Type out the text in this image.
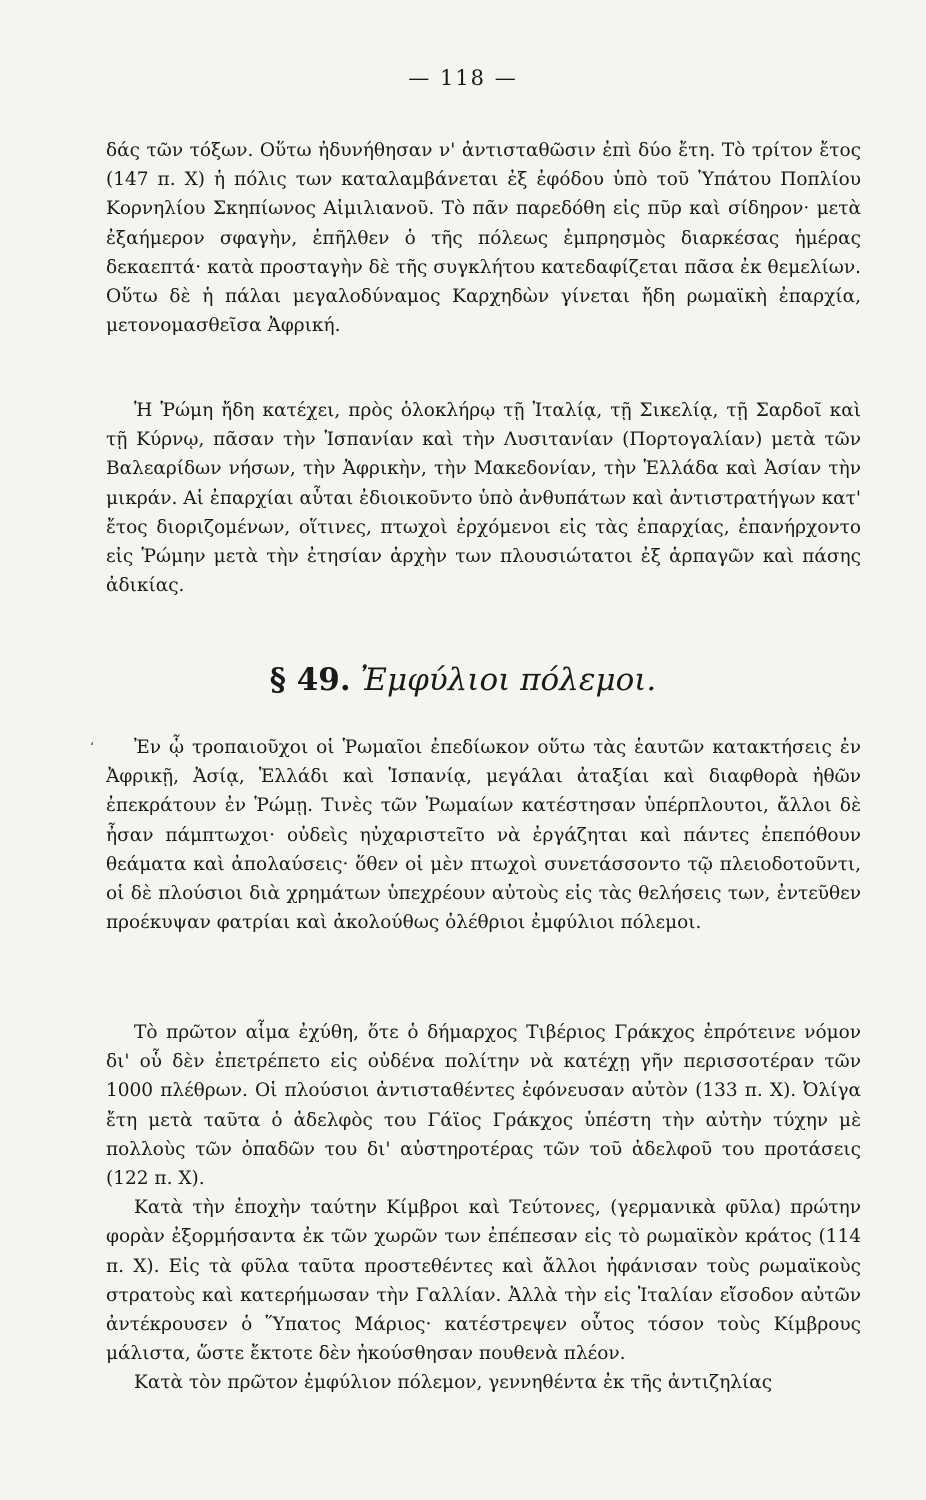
— 118 —

δάς τῶν τόξων. Οὕτω ἠδυνήθησαν ν' ἀντισταθῶσιν ἐπὶ δύο ἔτη. Τὸ τρίτον ἔτος (147 π. Χ) ἡ πόλις των καταλαμβάνεται ἐξ ἐφόδου ὑπὸ τοῦ Ὑπάτου Ποπλίου Κορνηλίου Σκηπίωνος Αἰμιλιανοῦ. Τὸ πᾶν παρεδόθη εἰς πῦρ καὶ σίδηρον· μετὰ ἐξαήμερον σφαγὴν, ἐπῆλθεν ὁ τῆς πόλεως ἐμπρησμὸς διαρκέσας ἡμέρας δεκαεπτά· κατὰ προσταγὴν δὲ τῆς συγκλήτου κατεδαφίζεται πᾶσα ἐκ θεμελίων. Οὕτω δὲ ἡ πάλαι μεγαλοδύναμος Καρχηδὼν γίνεται ἤδη ρωμαϊκὴ ἐπαρχία, μετονομασθεῖσα Ἀφρική.

Ἡ Ῥώμη ἤδη κατέχει, πρὸς ὁλοκλήρῳ τῇ Ἰταλίᾳ, τῇ Σικελίᾳ, τῇ Σαρδοῖ καὶ τῇ Κύρνῳ, πᾶσαν τὴν Ἱσπανίαν καὶ τὴν Λυσιτανίαν (Πορτογαλίαν) μετὰ τῶν Βαλεαρίδων νήσων, τὴν Ἀφρικὴν, τὴν Μακεδονίαν, τὴν Ἑλλάδα καὶ Ἀσίαν τὴν μικράν. Αἱ ἐπαρχίαι αὗται ἐδιοικοῦντο ὑπὸ ἀνθυπάτων καὶ ἀντιστρατήγων κατ' ἔτος διοριζομένων, οἵτινες, πτωχοὶ ἐρχόμενοι εἰς τὰς ἐπαρχίας, ἐπανήρχοντο εἰς Ῥώμην μετὰ τὴν ἐτησίαν ἀρχὴν των πλουσιώτατοι ἐξ ἁρπαγῶν καὶ πάσης ἀδικίας.

§ 49. Ἐμφύλιοι πόλεμοι.
ʻ	Ἐν ᾧ τροπαιοῦχοι οἱ Ῥωμαῖοι ἐπεδίωκον οὕτω τὰς ἑαυτῶν κατακτήσεις ἐν Ἀφρικῇ, Ἀσίᾳ, Ἑλλάδι καὶ Ἱσπανίᾳ, μεγάλαι ἀταξίαι καὶ διαφθορὰ ἠθῶν ἐπεκράτουν ἐν Ῥώμῃ. Τινὲς τῶν Ῥωμαίων κατέστησαν ὑπέρπλουτοι, ἄλλοι δὲ ἦσαν πάμπτωχοι· οὐδεὶς ηὐχαριστεῖτο νὰ ἐργάζηται καὶ πάντες ἐπεπόθουν θεάματα καὶ ἀπολαύσεις· ὅθεν οἱ μὲν πτωχοὶ συνετάσσοντο τῷ πλειοδοτοῦντι, οἱ δὲ πλούσιοι διὰ χρημάτων ὑπεχρέουν αὐτοὺς εἰς τὰς θελήσεις των, ἐντεῦθεν προέκυψαν φατρίαι καὶ ἀκολούθως ὀλέθριοι ἐμφύλιοι πόλεμοι.

Τὸ πρῶτον αἷμα ἐχύθη, ὅτε ὁ δήμαρχος Τιβέριος Γράκχος ἐπρότεινε νόμον δι' οὗ δὲν ἐπετρέπετο εἰς οὐδένα πολίτην νὰ κατέχῃ γῆν περισσοτέραν τῶν 1000 πλέθρων. Οἱ πλούσιοι ἀντισταθέντες ἐφόνευσαν αὐτὸν (133 π. Χ). Ὀλίγα ἔτη μετὰ ταῦτα ὁ ἀδελφὸς του Γάϊος Γράκχος ὑπέστη τὴν αὐτὴν τύχην μὲ πολλοὺς τῶν ὀπαδῶν του δι' αὐστηροτέρας τῶν τοῦ ἀδελφοῦ του προτάσεις (122 π. Χ).

Κατὰ τὴν ἐποχὴν ταύτην Κίμβροι καὶ Τεύτονες, (γερμανικὰ φῦλα) πρώτην φορὰν ἐξορμήσαντα ἐκ τῶν χωρῶν των ἐπέπεσαν εἰς τὸ ρωμαϊκὸν κράτος (114 π. Χ). Εἰς τὰ φῦλα ταῦτα προστεθέντες καὶ ἄλλοι ἠφάνισαν τοὺς ρωμαϊκοὺς στρατοὺς καὶ κατερήμωσαν τὴν Γαλλίαν. Ἀλλὰ τὴν εἰς Ἰταλίαν εἴσοδον αὐτῶν ἀντέκρουσεν ὁ Ὕπατος Μάριος· κατέστρεψεν οὗτος τόσον τοὺς Κίμβρους μάλιστα, ὥστε ἔκτοτε δὲν ἠκούσθησαν πουθενὰ πλέον.

Κατὰ τὸν πρῶτον ἐμφύλιον πόλεμον, γεννηθέντα ἐκ τῆς ἀντιζηλίας
